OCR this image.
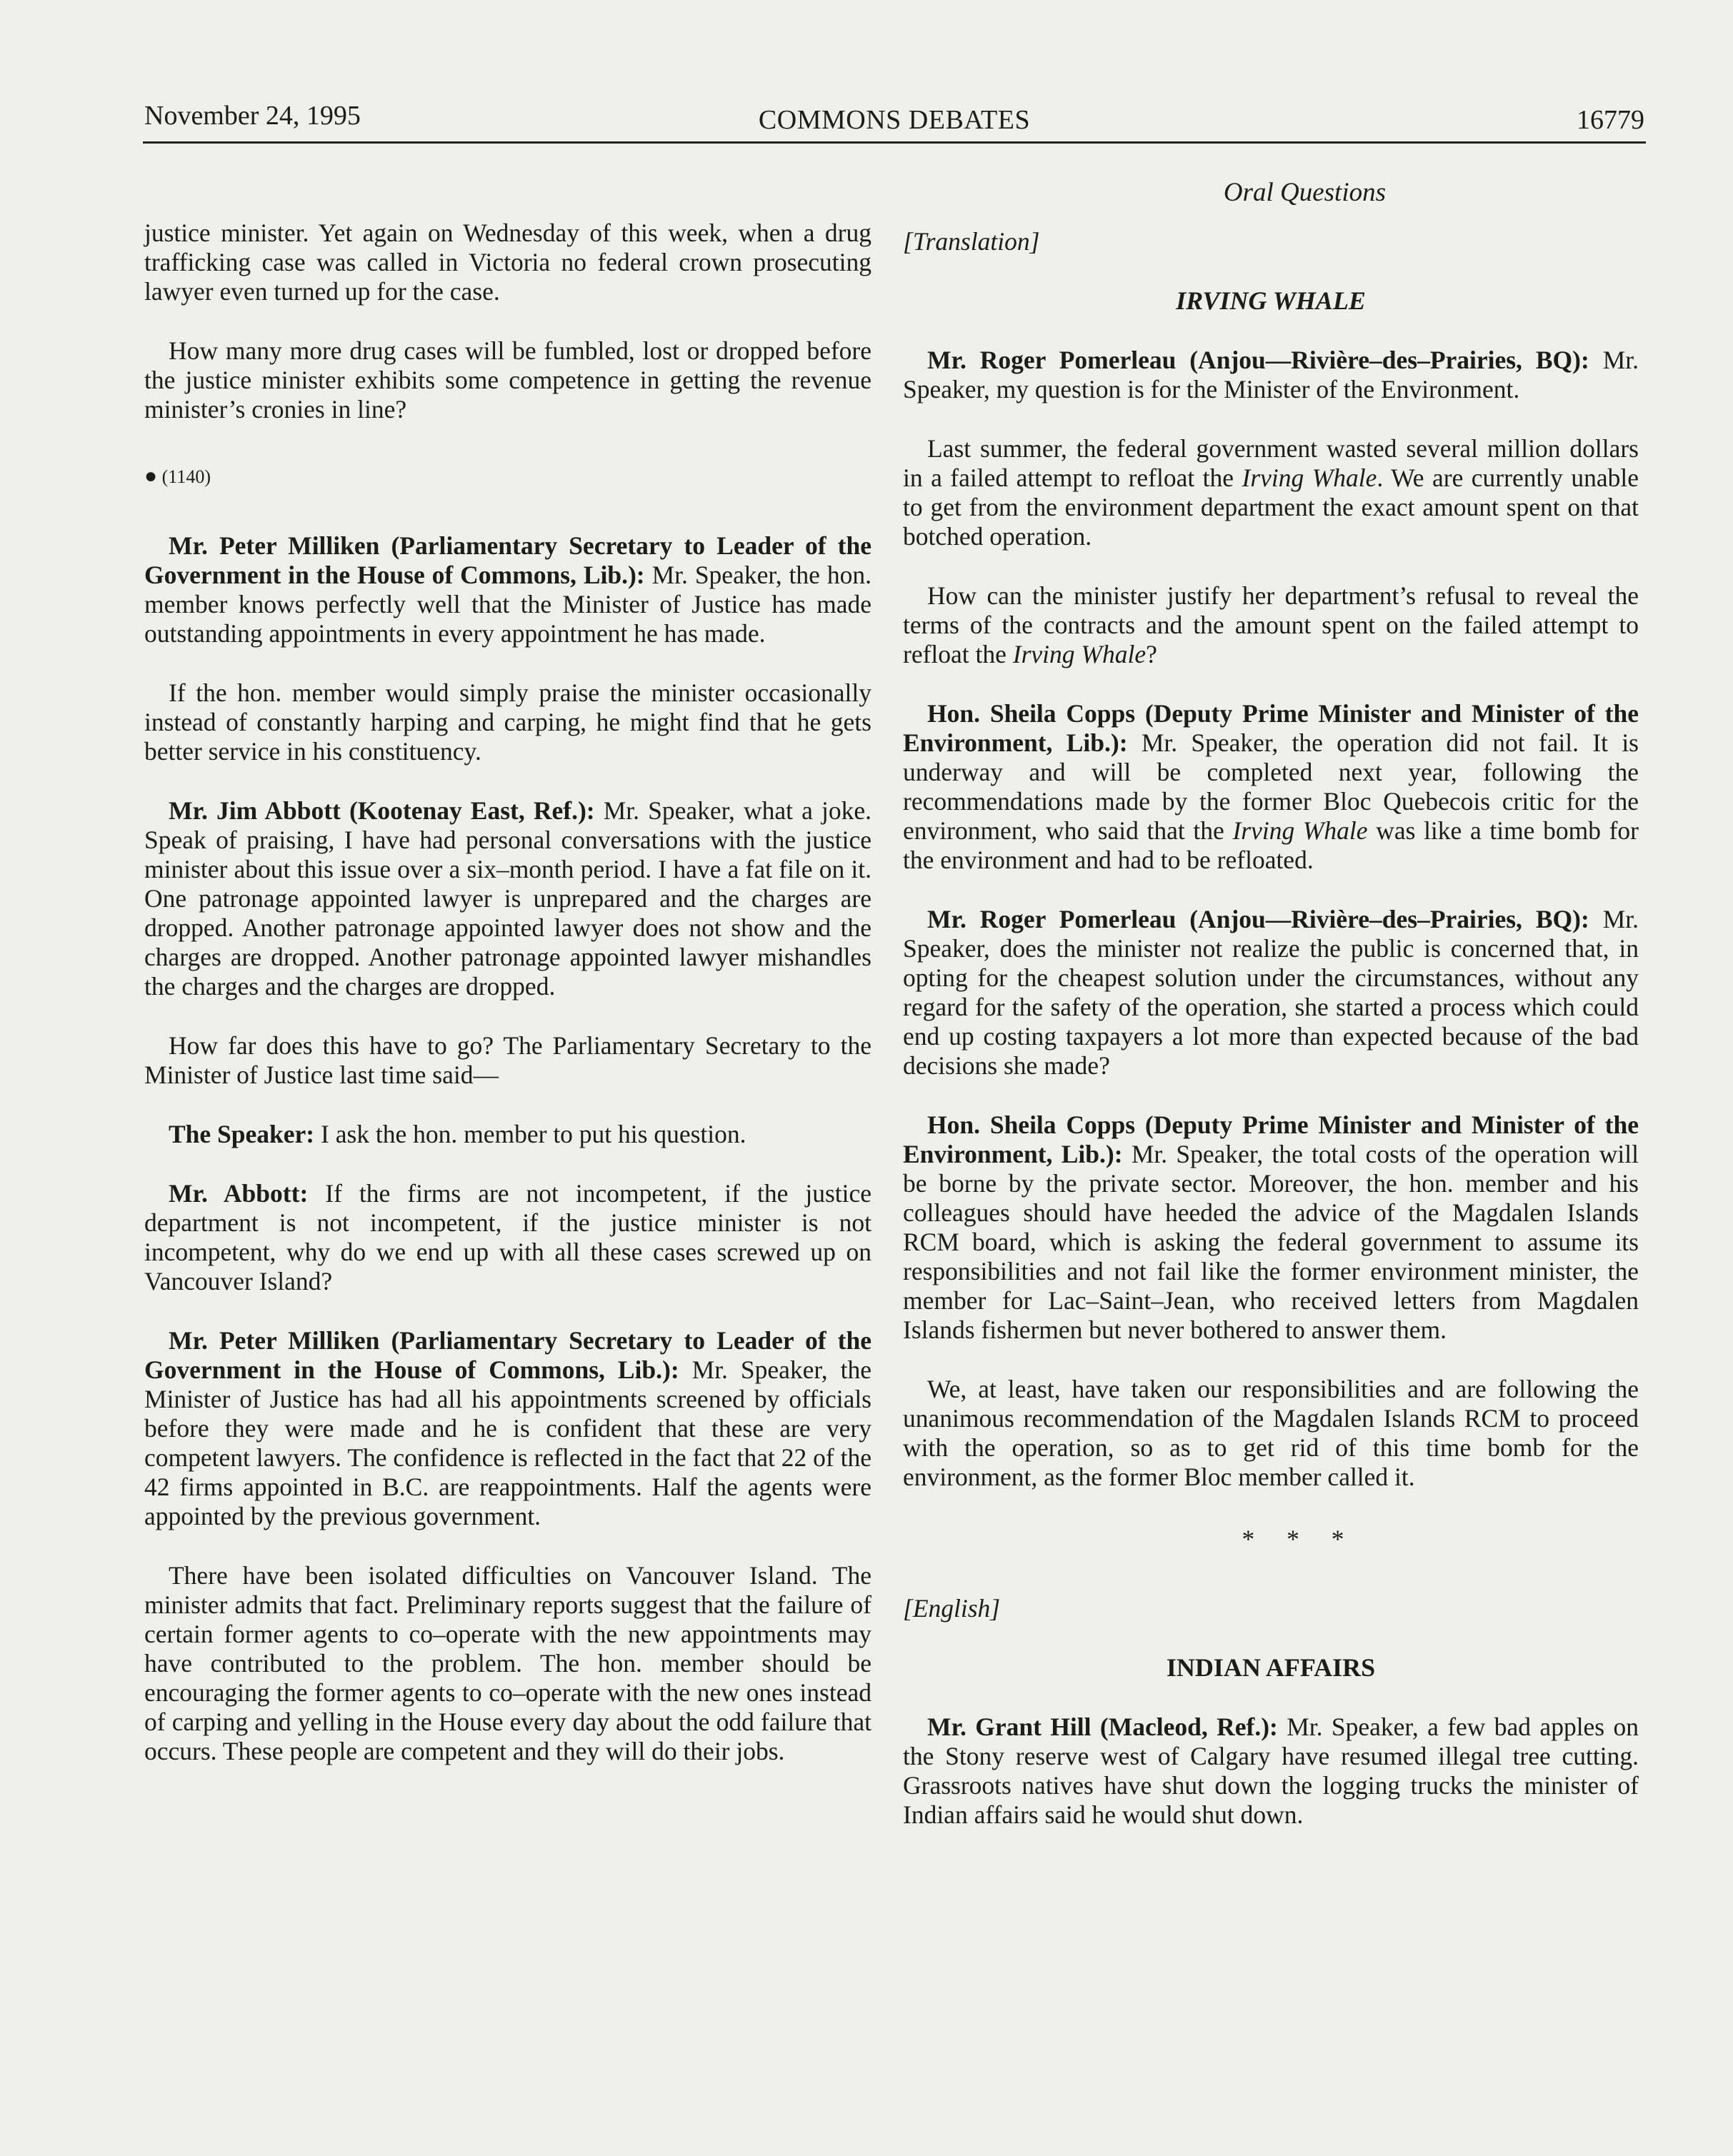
November 24, 1995	COMMONS DEBATES	16779
Oral Questions

justice minister. Yet again on Wednesday of this week, when a drug trafficking case was called in Victoria no federal crown prosecuting lawyer even turned up for the case.

How many more drug cases will be fumbled, lost or dropped before the justice minister exhibits some competence in getting the revenue minister’s cronies in line?

● (1140)

Mr. Peter Milliken (Parliamentary Secretary to Leader of the Government in the House of Commons, Lib.): Mr. Speaker, the hon. member knows perfectly well that the Minister of Justice has made outstanding appointments in every appointment he has made.

If the hon. member would simply praise the minister occasionally instead of constantly harping and carping, he might find that he gets better service in his constituency.

Mr. Jim Abbott (Kootenay East, Ref.): Mr. Speaker, what a joke. Speak of praising, I have had personal conversations with the justice minister about this issue over a six–month period. I have a fat file on it. One patronage appointed lawyer is unprepared and the charges are dropped. Another patronage appointed lawyer does not show and the charges are dropped. Another patronage appointed lawyer mishandles the charges and the charges are dropped.

How far does this have to go? The Parliamentary Secretary to the Minister of Justice last time said—

The Speaker: I ask the hon. member to put his question.

Mr. Abbott: If the firms are not incompetent, if the justice department is not incompetent, if the justice minister is not incompetent, why do we end up with all these cases screwed up on Vancouver Island?

Mr. Peter Milliken (Parliamentary Secretary to Leader of the Government in the House of Commons, Lib.): Mr. Speaker, the Minister of Justice has had all his appointments screened by officials before they were made and he is confident that these are very competent lawyers. The confidence is reflected in the fact that 22 of the 42 firms appointed in B.C. are reappointments. Half the agents were appointed by the previous government.

There have been isolated difficulties on Vancouver Island. The minister admits that fact. Preliminary reports suggest that the failure of certain former agents to co–operate with the new appointments may have contributed to the problem. The hon. member should be encouraging the former agents to co–operate with the new ones instead of carping and yelling in the House every day about the odd failure that occurs. These people are competent and they will do their jobs.

[Translation]

IRVING WHALE

Mr. Roger Pomerleau (Anjou—Rivière–des–Prairies, BQ): Mr. Speaker, my question is for the Minister of the Environment.

Last summer, the federal government wasted several million dollars in a failed attempt to refloat the Irving Whale. We are currently unable to get from the environment department the exact amount spent on that botched operation.

How can the minister justify her department’s refusal to reveal the terms of the contracts and the amount spent on the failed attempt to refloat the Irving Whale?

Hon. Sheila Copps (Deputy Prime Minister and Minister of the Environment, Lib.): Mr. Speaker, the operation did not fail. It is underway and will be completed next year, following the recommendations made by the former Bloc Quebecois critic for the environment, who said that the Irving Whale was like a time bomb for the environment and had to be refloated.

Mr. Roger Pomerleau (Anjou—Rivière–des–Prairies, BQ): Mr. Speaker, does the minister not realize the public is concerned that, in opting for the cheapest solution under the circumstances, without any regard for the safety of the operation, she started a process which could end up costing taxpayers a lot more than expected because of the bad decisions she made?

Hon. Sheila Copps (Deputy Prime Minister and Minister of the Environment, Lib.): Mr. Speaker, the total costs of the operation will be borne by the private sector. Moreover, the hon. member and his colleagues should have heeded the advice of the Magdalen Islands RCM board, which is asking the federal government to assume its responsibilities and not fail like the former environment minister, the member for Lac–Saint–Jean, who received letters from Magdalen Islands fishermen but never bothered to answer them.

We, at least, have taken our responsibilities and are following the unanimous recommendation of the Magdalen Islands RCM to proceed with the operation, so as to get rid of this time bomb for the environment, as the former Bloc member called it.

* * *

[English]

INDIAN AFFAIRS

Mr. Grant Hill (Macleod, Ref.): Mr. Speaker, a few bad apples on the Stony reserve west of Calgary have resumed illegal tree cutting. Grassroots natives have shut down the logging trucks the minister of Indian affairs said he would shut down.
